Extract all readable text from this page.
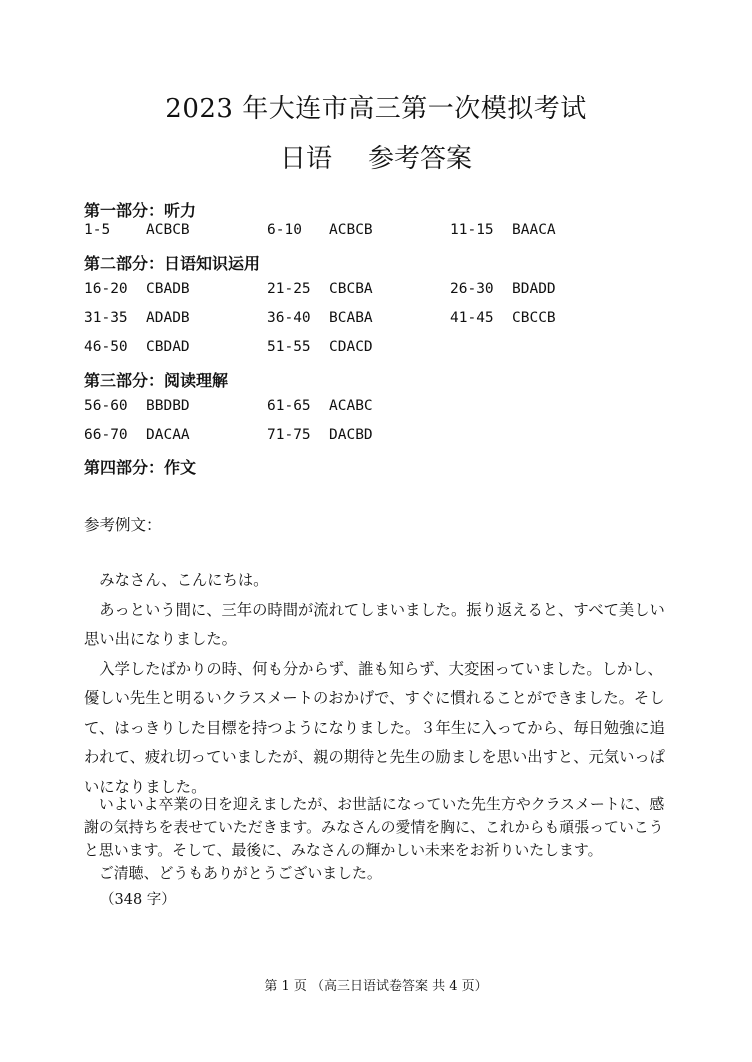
2023 年大连市高三第一次模拟考试
日语 参考答案
第一部分：听力
1-5 ACBCB	6-10 ACBCB	11-15 BAACA
第二部分：日语知识运用
16-20 CBADB	21-25 CBCBA	26-30 BDADD
31-35 ADADB	36-40 BCABA	41-45 CBCCB
46-50 CBDAD	51-55 CDACD
第三部分：阅读理解
56-60 BBDBD	61-65 ACABC
66-70 DACAA	71-75 DACBD
第四部分：作文
参考例文：

みなさん、こんにちは。

あっという間に、三年の時間が流れてしまいました。振り返えると、すべて美しい思い出になりました。

入学したばかりの時、何も分からず、誰も知らず、大変困っていました。しかし、優しい先生と明るいクラスメートのおかげで、すぐに慣れることができました。そして、はっきりした目標を持つようになりました。３年生に入ってから、毎日勉強に追われて、疲れ切っていましたが、親の期待と先生の励ましを思い出すと、元気いっぱいになりました。

いよいよ卒業の日を迎えましたが、お世話になっていた先生方やクラスメートに、感謝の気持ちを表せていただきます。みなさんの愛情を胸に、これからも頑張っていこうと思います。そして、最後に、みなさんの輝かしい未来をお祈りいたします。

ご清聴、どうもありがとうございました。

（348 字）
第 1 页 （高三日语试卷答案 共 4 页）
